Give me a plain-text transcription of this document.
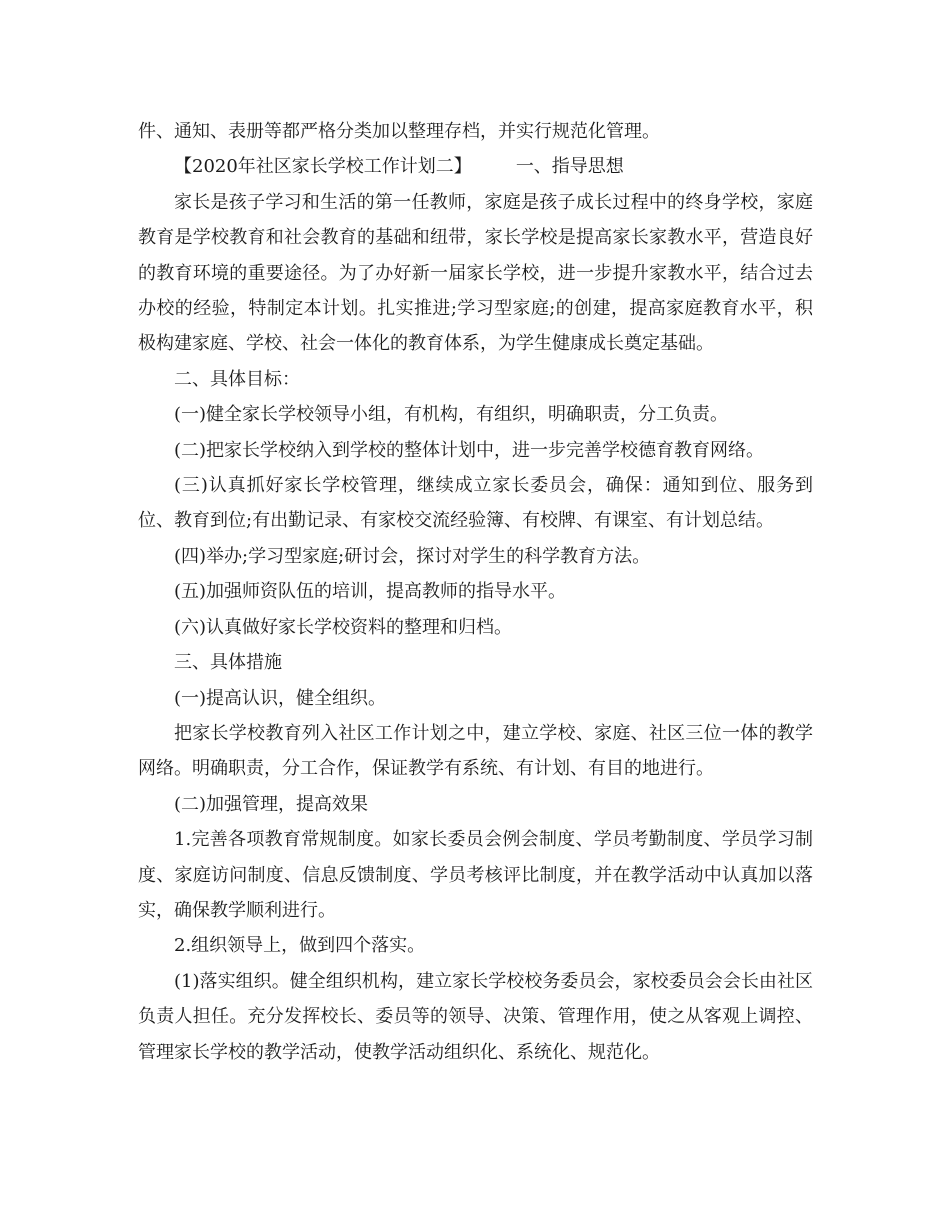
件、通知、表册等都严格分类加以整理存档，并实行规范化管理。

【2020年社区家长学校工作计划二】 一、指导思想

家长是孩子学习和生活的第一任教师，家庭是孩子成长过程中的终身学校，家庭教育是学校教育和社会教育的基础和纽带，家长学校是提高家长家教水平，营造良好的教育环境的重要途径。为了办好新一届家长学校，进一步提升家教水平，结合过去办校的经验，特制定本计划。扎实推进;学习型家庭;的创建，提高家庭教育水平，积极构建家庭、学校、社会一体化的教育体系，为学生健康成长奠定基础。

二、具体目标：

(一)健全家长学校领导小组，有机构，有组织，明确职责，分工负责。

(二)把家长学校纳入到学校的整体计划中，进一步完善学校德育教育网络。

(三)认真抓好家长学校管理，继续成立家长委员会，确保：通知到位、服务到位、教育到位;有出勤记录、有家校交流经验簿、有校牌、有课室、有计划总结。

(四)举办;学习型家庭;研讨会，探讨对学生的科学教育方法。

(五)加强师资队伍的培训，提高教师的指导水平。

(六)认真做好家长学校资料的整理和归档。

三、具体措施

(一)提高认识，健全组织。

把家长学校教育列入社区工作计划之中，建立学校、家庭、社区三位一体的教学网络。明确职责，分工合作，保证教学有系统、有计划、有目的地进行。

(二)加强管理，提高效果

1.完善各项教育常规制度。如家长委员会例会制度、学员考勤制度、学员学习制度、家庭访问制度、信息反馈制度、学员考核评比制度，并在教学活动中认真加以落实，确保教学顺利进行。

2.组织领导上，做到四个落实。

(1)落实组织。健全组织机构，建立家长学校校务委员会，家校委员会会长由社区负责人担任。充分发挥校长、委员等的领导、决策、管理作用，使之从客观上调控、管理家长学校的教学活动，使教学活动组织化、系统化、规范化。
